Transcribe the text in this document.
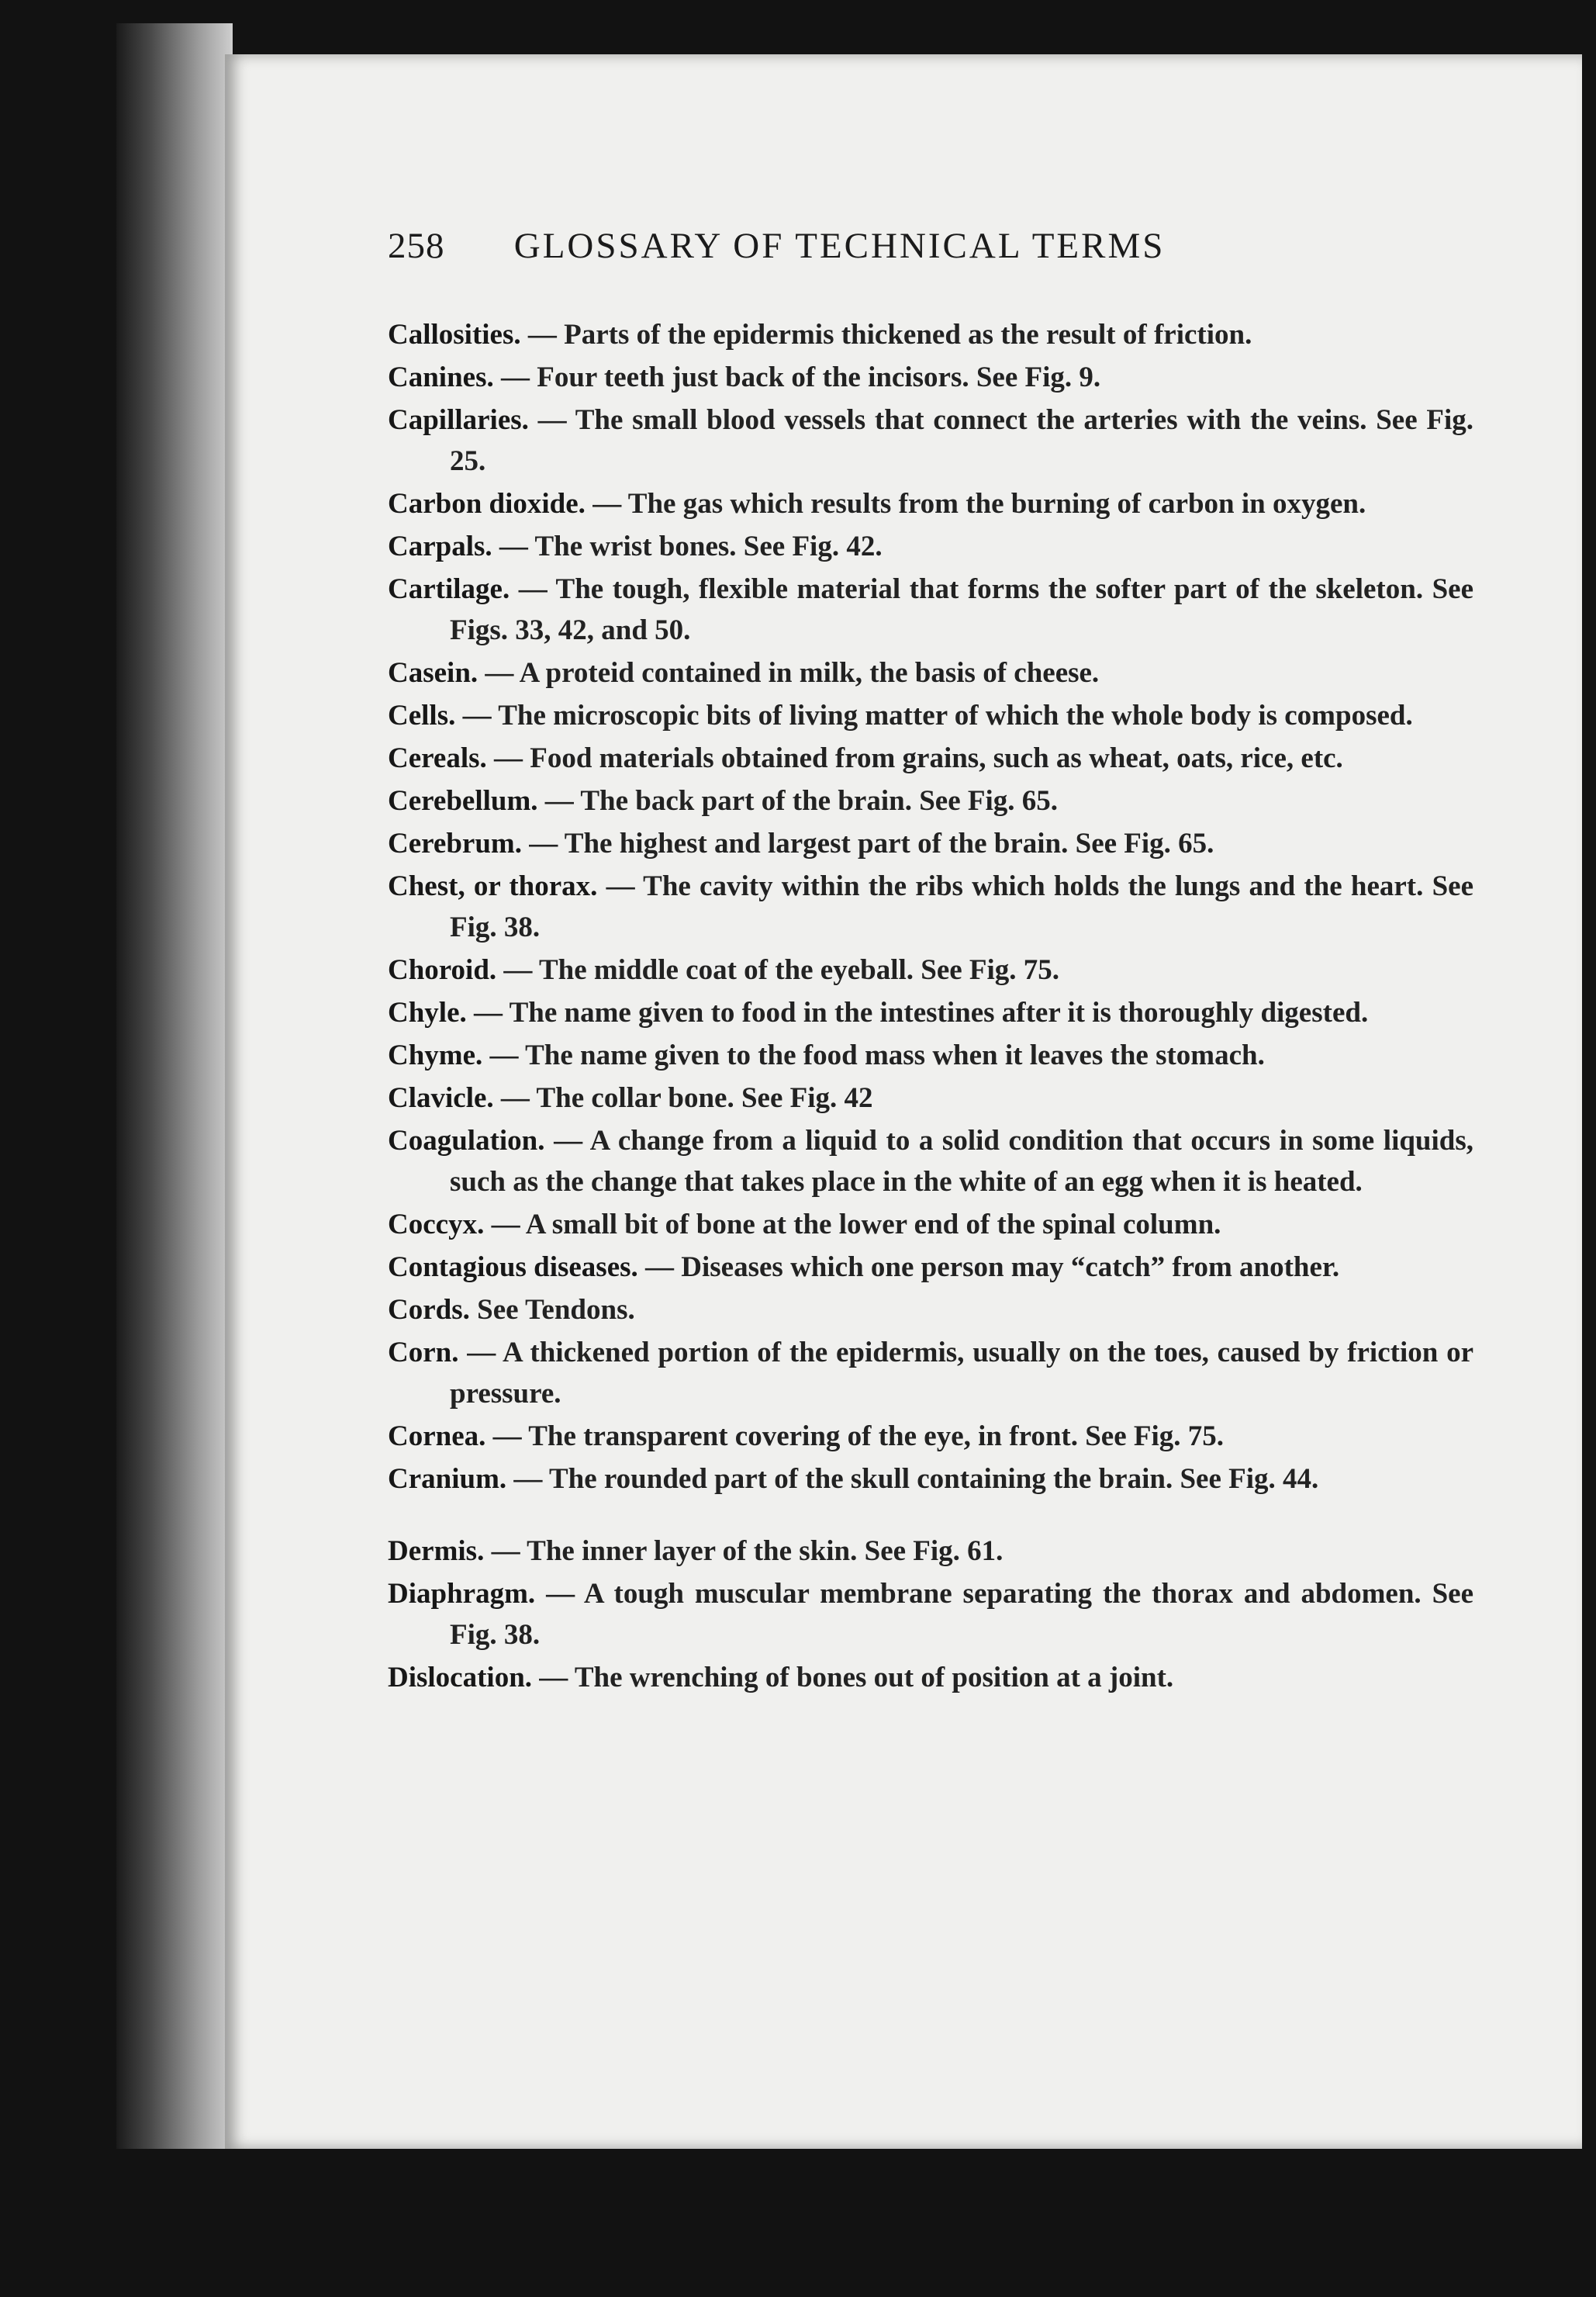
258 GLOSSARY OF TECHNICAL TERMS
Callosities. — Parts of the epidermis thickened as the result of friction.
Canines. — Four teeth just back of the incisors. See Fig. 9.
Capillaries. — The small blood vessels that connect the arteries with the veins. See Fig. 25.
Carbon dioxide. — The gas which results from the burning of carbon in oxygen.
Carpals. — The wrist bones. See Fig. 42.
Cartilage. — The tough, flexible material that forms the softer part of the skeleton. See Figs. 33, 42, and 50.
Casein. — A proteid contained in milk, the basis of cheese.
Cells. — The microscopic bits of living matter of which the whole body is composed.
Cereals. — Food materials obtained from grains, such as wheat, oats, rice, etc.
Cerebellum. — The back part of the brain. See Fig. 65.
Cerebrum. — The highest and largest part of the brain. See Fig. 65.
Chest, or thorax. — The cavity within the ribs which holds the lungs and the heart. See Fig. 38.
Choroid. — The middle coat of the eyeball. See Fig. 75.
Chyle. — The name given to food in the intestines after it is thoroughly digested.
Chyme. — The name given to the food mass when it leaves the stomach.
Clavicle. — The collar bone. See Fig. 42
Coagulation. — A change from a liquid to a solid condition that occurs in some liquids, such as the change that takes place in the white of an egg when it is heated.
Coccyx. — A small bit of bone at the lower end of the spinal column.
Contagious diseases. — Diseases which one person may “catch” from another.
Cords. See Tendons.
Corn. — A thickened portion of the epidermis, usually on the toes, caused by friction or pressure.
Cornea. — The transparent covering of the eye, in front. See Fig. 75.
Cranium. — The rounded part of the skull containing the brain. See Fig. 44.
Dermis. — The inner layer of the skin. See Fig. 61.
Diaphragm. — A tough muscular membrane separating the thorax and abdomen. See Fig. 38.
Dislocation. — The wrenching of bones out of position at a joint.
